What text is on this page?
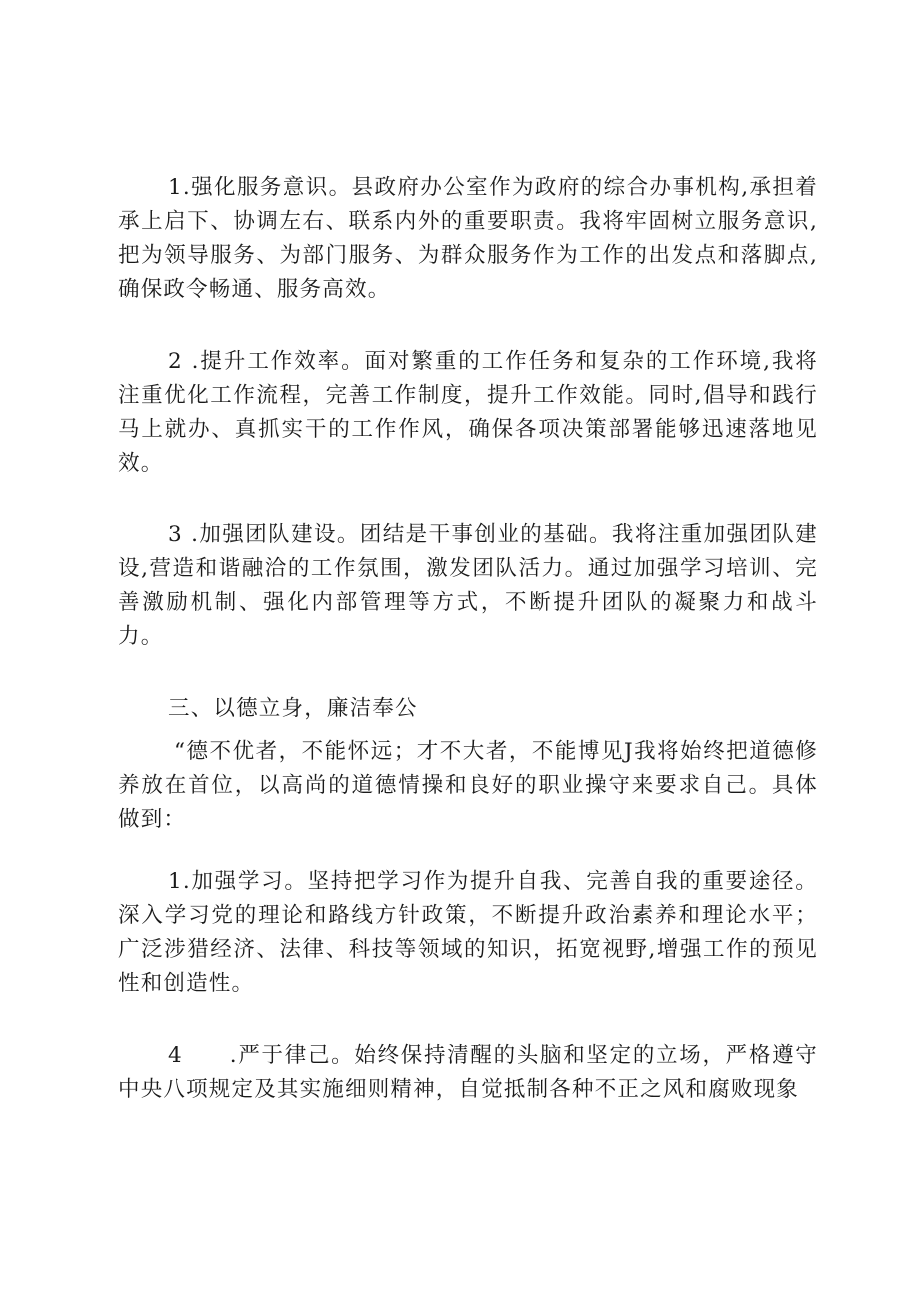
1.强化服务意识。县政府办公室作为政府的综合办事机构,承担着承上启下、协调左右、联系内外的重要职责。我将牢固树立服务意识,把为领导服务、为部门服务、为群众服务作为工作的出发点和落脚点,确保政令畅通、服务高效。

2 .提升工作效率。面对繁重的工作任务和复杂的工作环境,我将注重优化工作流程，完善工作制度，提升工作效能。同时,倡导和践行马上就办、真抓实干的工作作风，确保各项决策部署能够迅速落地见效。

3 .加强团队建设。团结是干事创业的基础。我将注重加强团队建设,营造和谐融洽的工作氛围，激发团队活力。通过加强学习培训、完善激励机制、强化内部管理等方式，不断提升团队的凝聚力和战斗力。

三、以德立身，廉洁奉公

“德不优者，不能怀远；才不大者，不能博见J我将始终把道德修养放在首位，以高尚的道德情操和良好的职业操守来要求自己。具体做到：

1.加强学习。坚持把学习作为提升自我、完善自我的重要途径。深入学习党的理论和路线方针政策，不断提升政治素养和理论水平；广泛涉猎经济、法律、科技等领域的知识，拓宽视野,增强工作的预见性和创造性。

4　　.严于律己。始终保持清醒的头脑和坚定的立场，严格遵守中央八项规定及其实施细则精神，自觉抵制各种不正之风和腐败现象
